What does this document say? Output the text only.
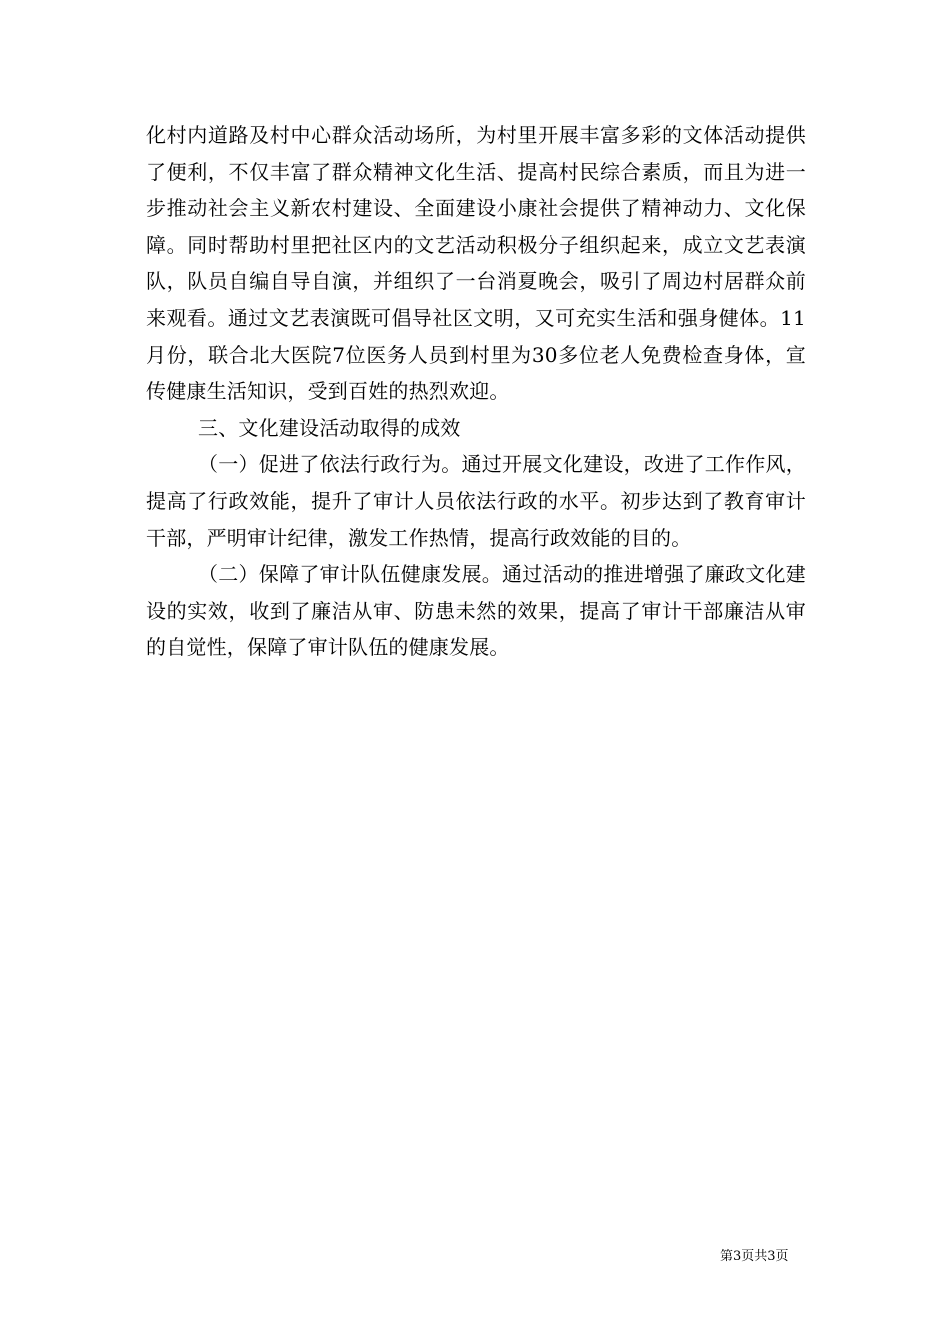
化村内道路及村中心群众活动场所，为村里开展丰富多彩的文体活动提供了便利，不仅丰富了群众精神文化生活、提高村民综合素质，而且为进一步推动社会主义新农村建设、全面建设小康社会提供了精神动力、文化保障。同时帮助村里把社区内的文艺活动积极分子组织起来，成立文艺表演队，队员自编自导自演，并组织了一台消夏晚会，吸引了周边村居群众前来观看。通过文艺表演既可倡导社区文明，又可充实生活和强身健体。11月份，联合北大医院7位医务人员到村里为30多位老人免费检查身体，宣传健康生活知识，受到百姓的热烈欢迎。

三、文化建设活动取得的成效

（一）促进了依法行政行为。通过开展文化建设，改进了工作作风，提高了行政效能，提升了审计人员依法行政的水平。初步达到了教育审计干部，严明审计纪律，激发工作热情，提高行政效能的目的。

（二）保障了审计队伍健康发展。通过活动的推进增强了廉政文化建设的实效，收到了廉洁从审、防患未然的效果，提高了审计干部廉洁从审的自觉性，保障了审计队伍的健康发展。

第3页共3页
